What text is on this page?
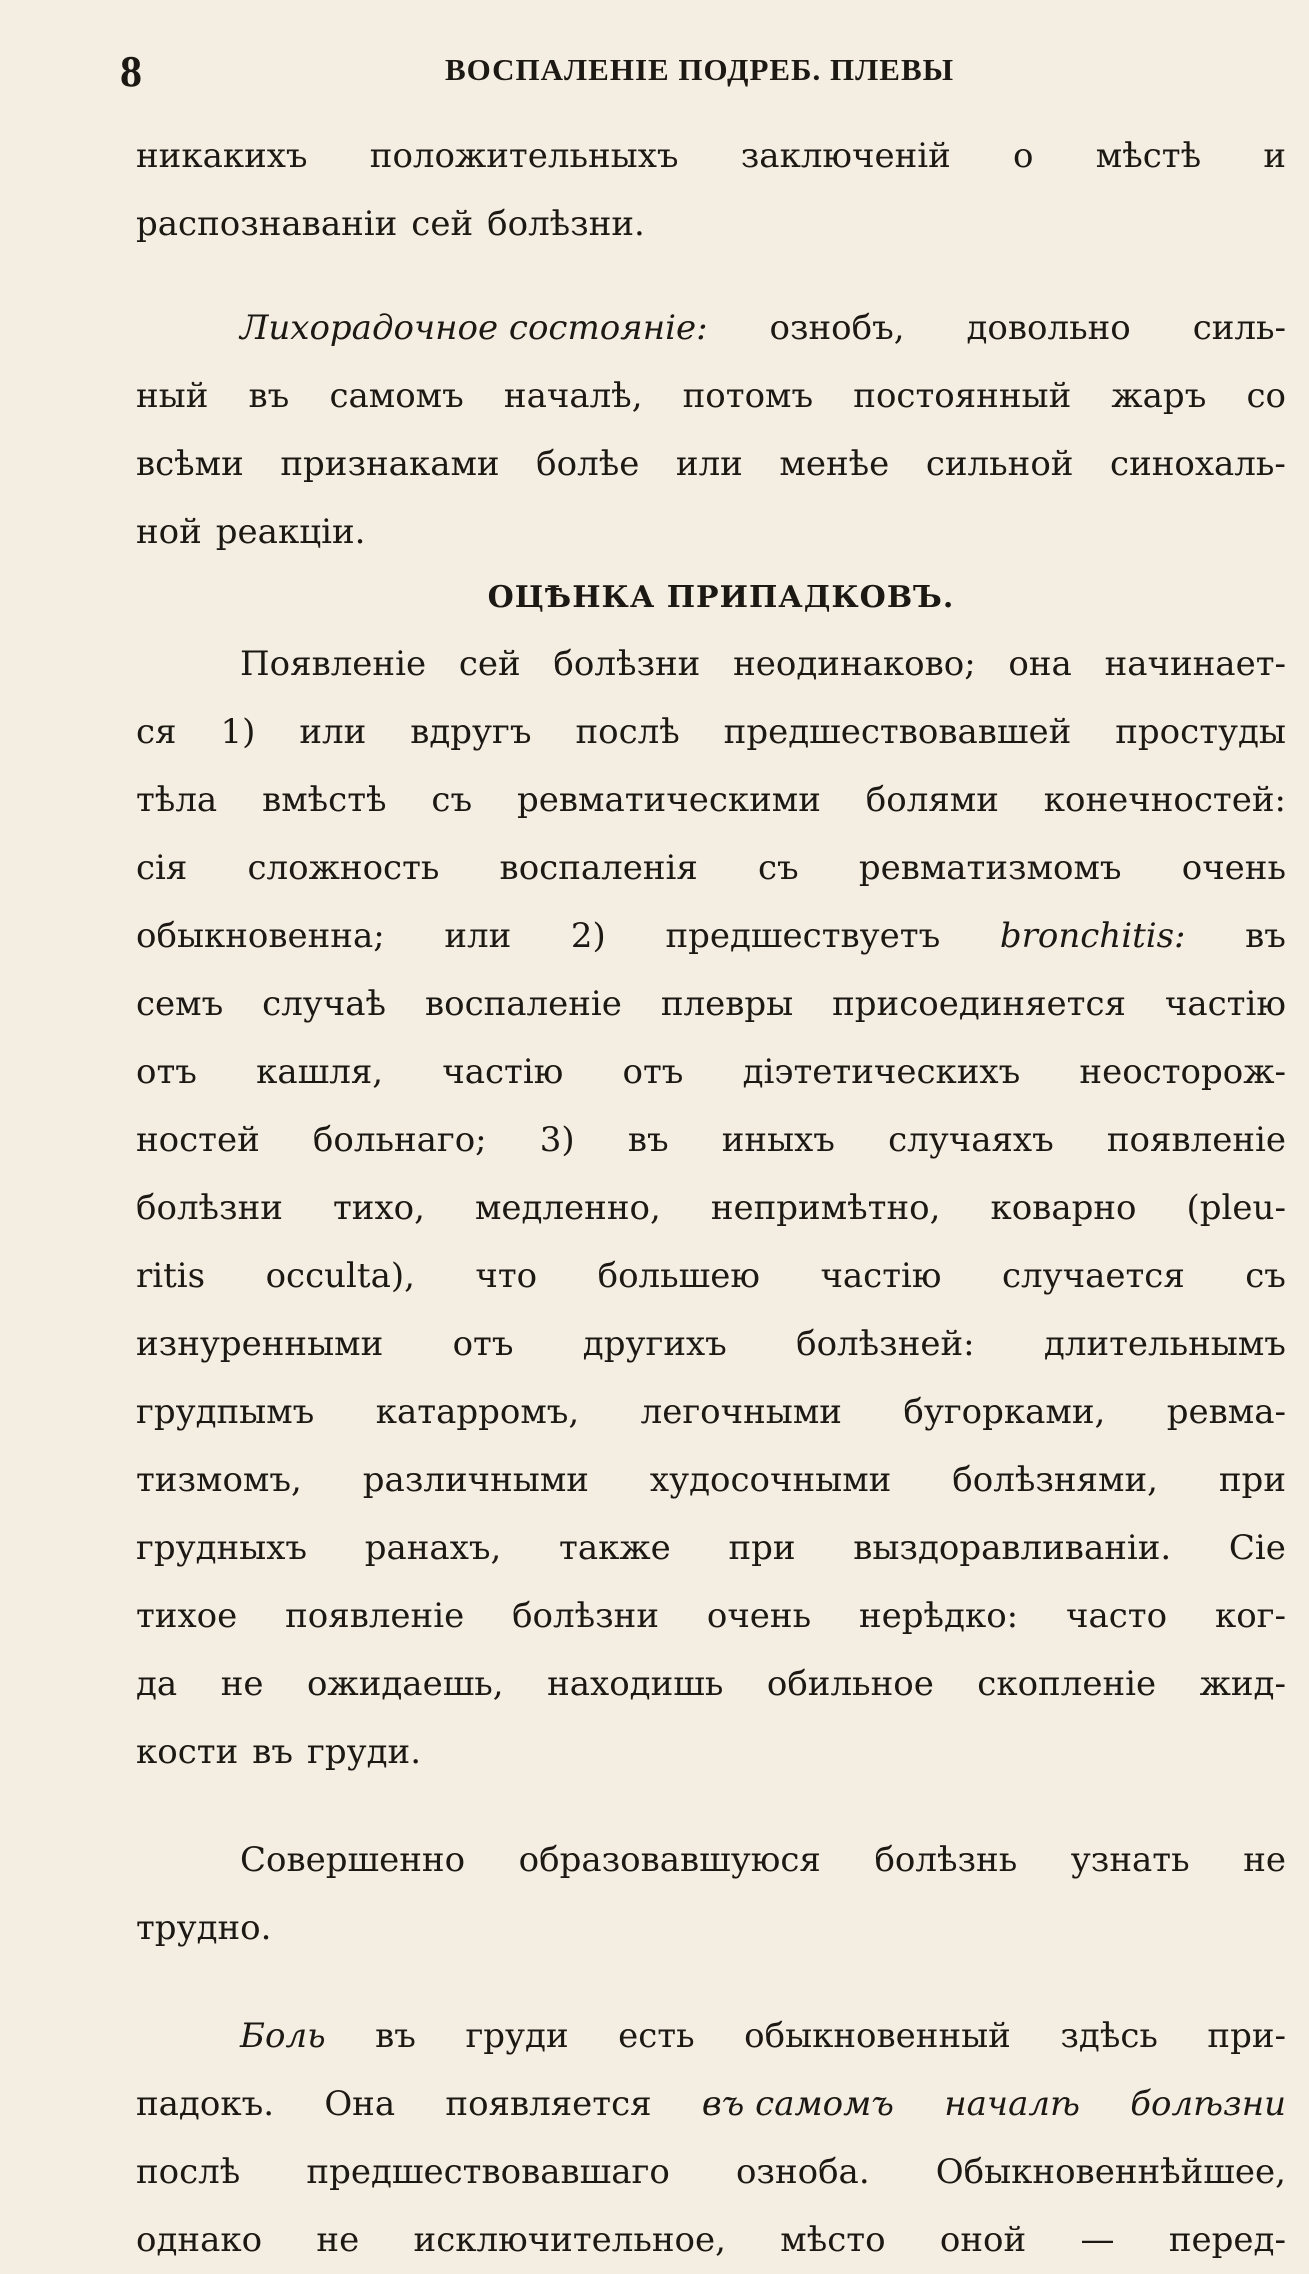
8	ВОСПАЛЕНІЕ ПОДРЕБ. ПЛЕВЫ
никакихъ положительныхъ заключеній о мѣстѣ и
распознаваніи сей болѣзни.
Лихорадочное состояніе: ознобъ, довольно силь-
ный въ самомъ началѣ, потомъ постоянный жаръ со
всѣми признаками болѣе или менѣе сильной синохаль-
ной реакціи.
ОЦѢНКА ПРИПАДКОВЪ.
Появленіе сей болѣзни неодинаково; она начинает-
ся 1) или вдругъ послѣ предшествовавшей простуды
тѣла вмѣстѣ съ ревматическими болями конечностей:
сія сложность воспаленія съ ревматизмомъ очень
обыкновенна; или 2) предшествуетъ bronchitis: въ
семъ случаѣ воспаленіе плевры присоединяется частію
отъ кашля, частію отъ діэтетическихъ неосторож-
ностей больнаго; 3) въ иныхъ случаяхъ появленіе
болѣзни тихо, медленно, непримѣтно, коварно (pleu-
ritis occulta), что большею частію случается съ
изнуренными отъ другихъ болѣзней: длительнымъ
грудпымъ катарромъ, легочными бугорками, ревма-
тизмомъ, различными худосочными болѣзнями, при
грудныхъ ранахъ, также при выздоравливаніи. Сіе
тихое появленіе болѣзни очень нерѣдко: часто ког-
да не ожидаешь, находишь обильное скопленіе жид-
кости въ груди.
Совершенно образовавшуюся болѣзнь узнать не
трудно.
Боль въ груди есть обыкновенный здѣсь при-
падокъ. Она появляется въ самомъ началѣ болѣзни
послѣ предшествовавшаго озноба. Обыкновеннѣйшее,
однако не исключительное, мѣсто оной — перед-
